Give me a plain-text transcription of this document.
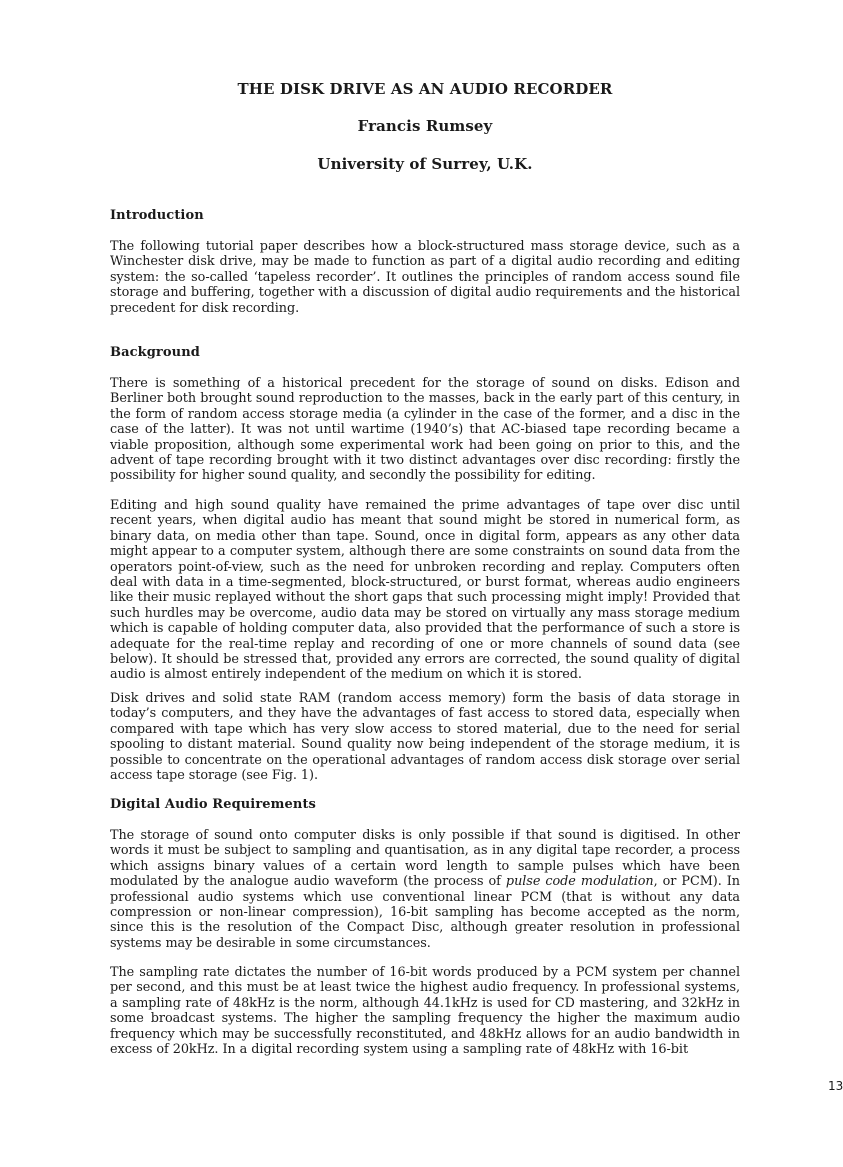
THE DISK DRIVE AS AN AUDIO RECORDER
Francis Rumsey
University of Surrey, U.K.
Introduction

The following tutorial paper describes how a block-structured mass storage device, such as a Winchester disk drive, may be made to function as part of a digital audio recording and editing system: the so-called ‘tapeless recorder’. It outlines the principles of random access sound file storage and buffering, together with a discussion of digital audio requirements and the historical precedent for disk recording.

Background

There is something of a historical precedent for the storage of sound on disks. Edison and Berliner both brought sound reproduction to the masses, back in the early part of this century, in the form of random access storage media (a cylinder in the case of the former, and a disc in the case of the latter). It was not until wartime (1940’s) that AC-biased tape recording became a viable proposition, although some experimental work had been going on prior to this, and the advent of tape recording brought with it two distinct advantages over disc recording: firstly the possibility for higher sound quality, and secondly the possibility for editing.

Editing and high sound quality have remained the prime advantages of tape over disc until recent years, when digital audio has meant that sound might be stored in numerical form, as binary data, on media other than tape. Sound, once in digital form, appears as any other data might appear to a computer system, although there are some constraints on sound data from the operators point-of-view, such as the need for unbroken recording and replay. Computers often deal with data in a time-segmented, block-structured, or burst format, whereas audio engineers like their music replayed without the short gaps that such processing might imply! Provided that such hurdles may be overcome, audio data may be stored on virtually any mass storage medium which is capable of holding computer data, also provided that the performance of such a store is adequate for the real-time replay and recording of one or more channels of sound data (see below). It should be stressed that, provided any errors are corrected, the sound quality of digital audio is almost entirely independent of the medium on which it is stored.

Disk drives and solid state RAM (random access memory) form the basis of data storage in today’s computers, and they have the advantages of fast access to stored data, especially when compared with tape which has very slow access to stored material, due to the need for serial spooling to distant material. Sound quality now being independent of the storage medium, it is possible to concentrate on the operational advantages of random access disk storage over serial access tape storage (see Fig. 1).

Digital Audio Requirements

The storage of sound onto computer disks is only possible if that sound is digitised. In other words it must be subject to sampling and quantisation, as in any digital tape recorder, a process which assigns binary values of a certain word length to sample pulses which have been modulated by the analogue audio waveform (the process of pulse code modulation, or PCM). In professional audio systems which use conventional linear PCM (that is without any data compression or non-linear compression), 16-bit sampling has become accepted as the norm, since this is the resolution of the Compact Disc, although greater resolution in professional systems may be desirable in some circumstances.

The sampling rate dictates the number of 16-bit words produced by a PCM system per channel per second, and this must be at least twice the highest audio frequency. In professional systems, a sampling rate of 48kHz is the norm, although 44.1kHz is used for CD mastering, and 32kHz in some broadcast systems. The higher the sampling frequency the higher the maximum audio frequency which may be successfully reconstituted, and 48kHz allows for an audio bandwidth in excess of 20kHz. In a digital recording system using a sampling rate of 48kHz with 16-bit

13
